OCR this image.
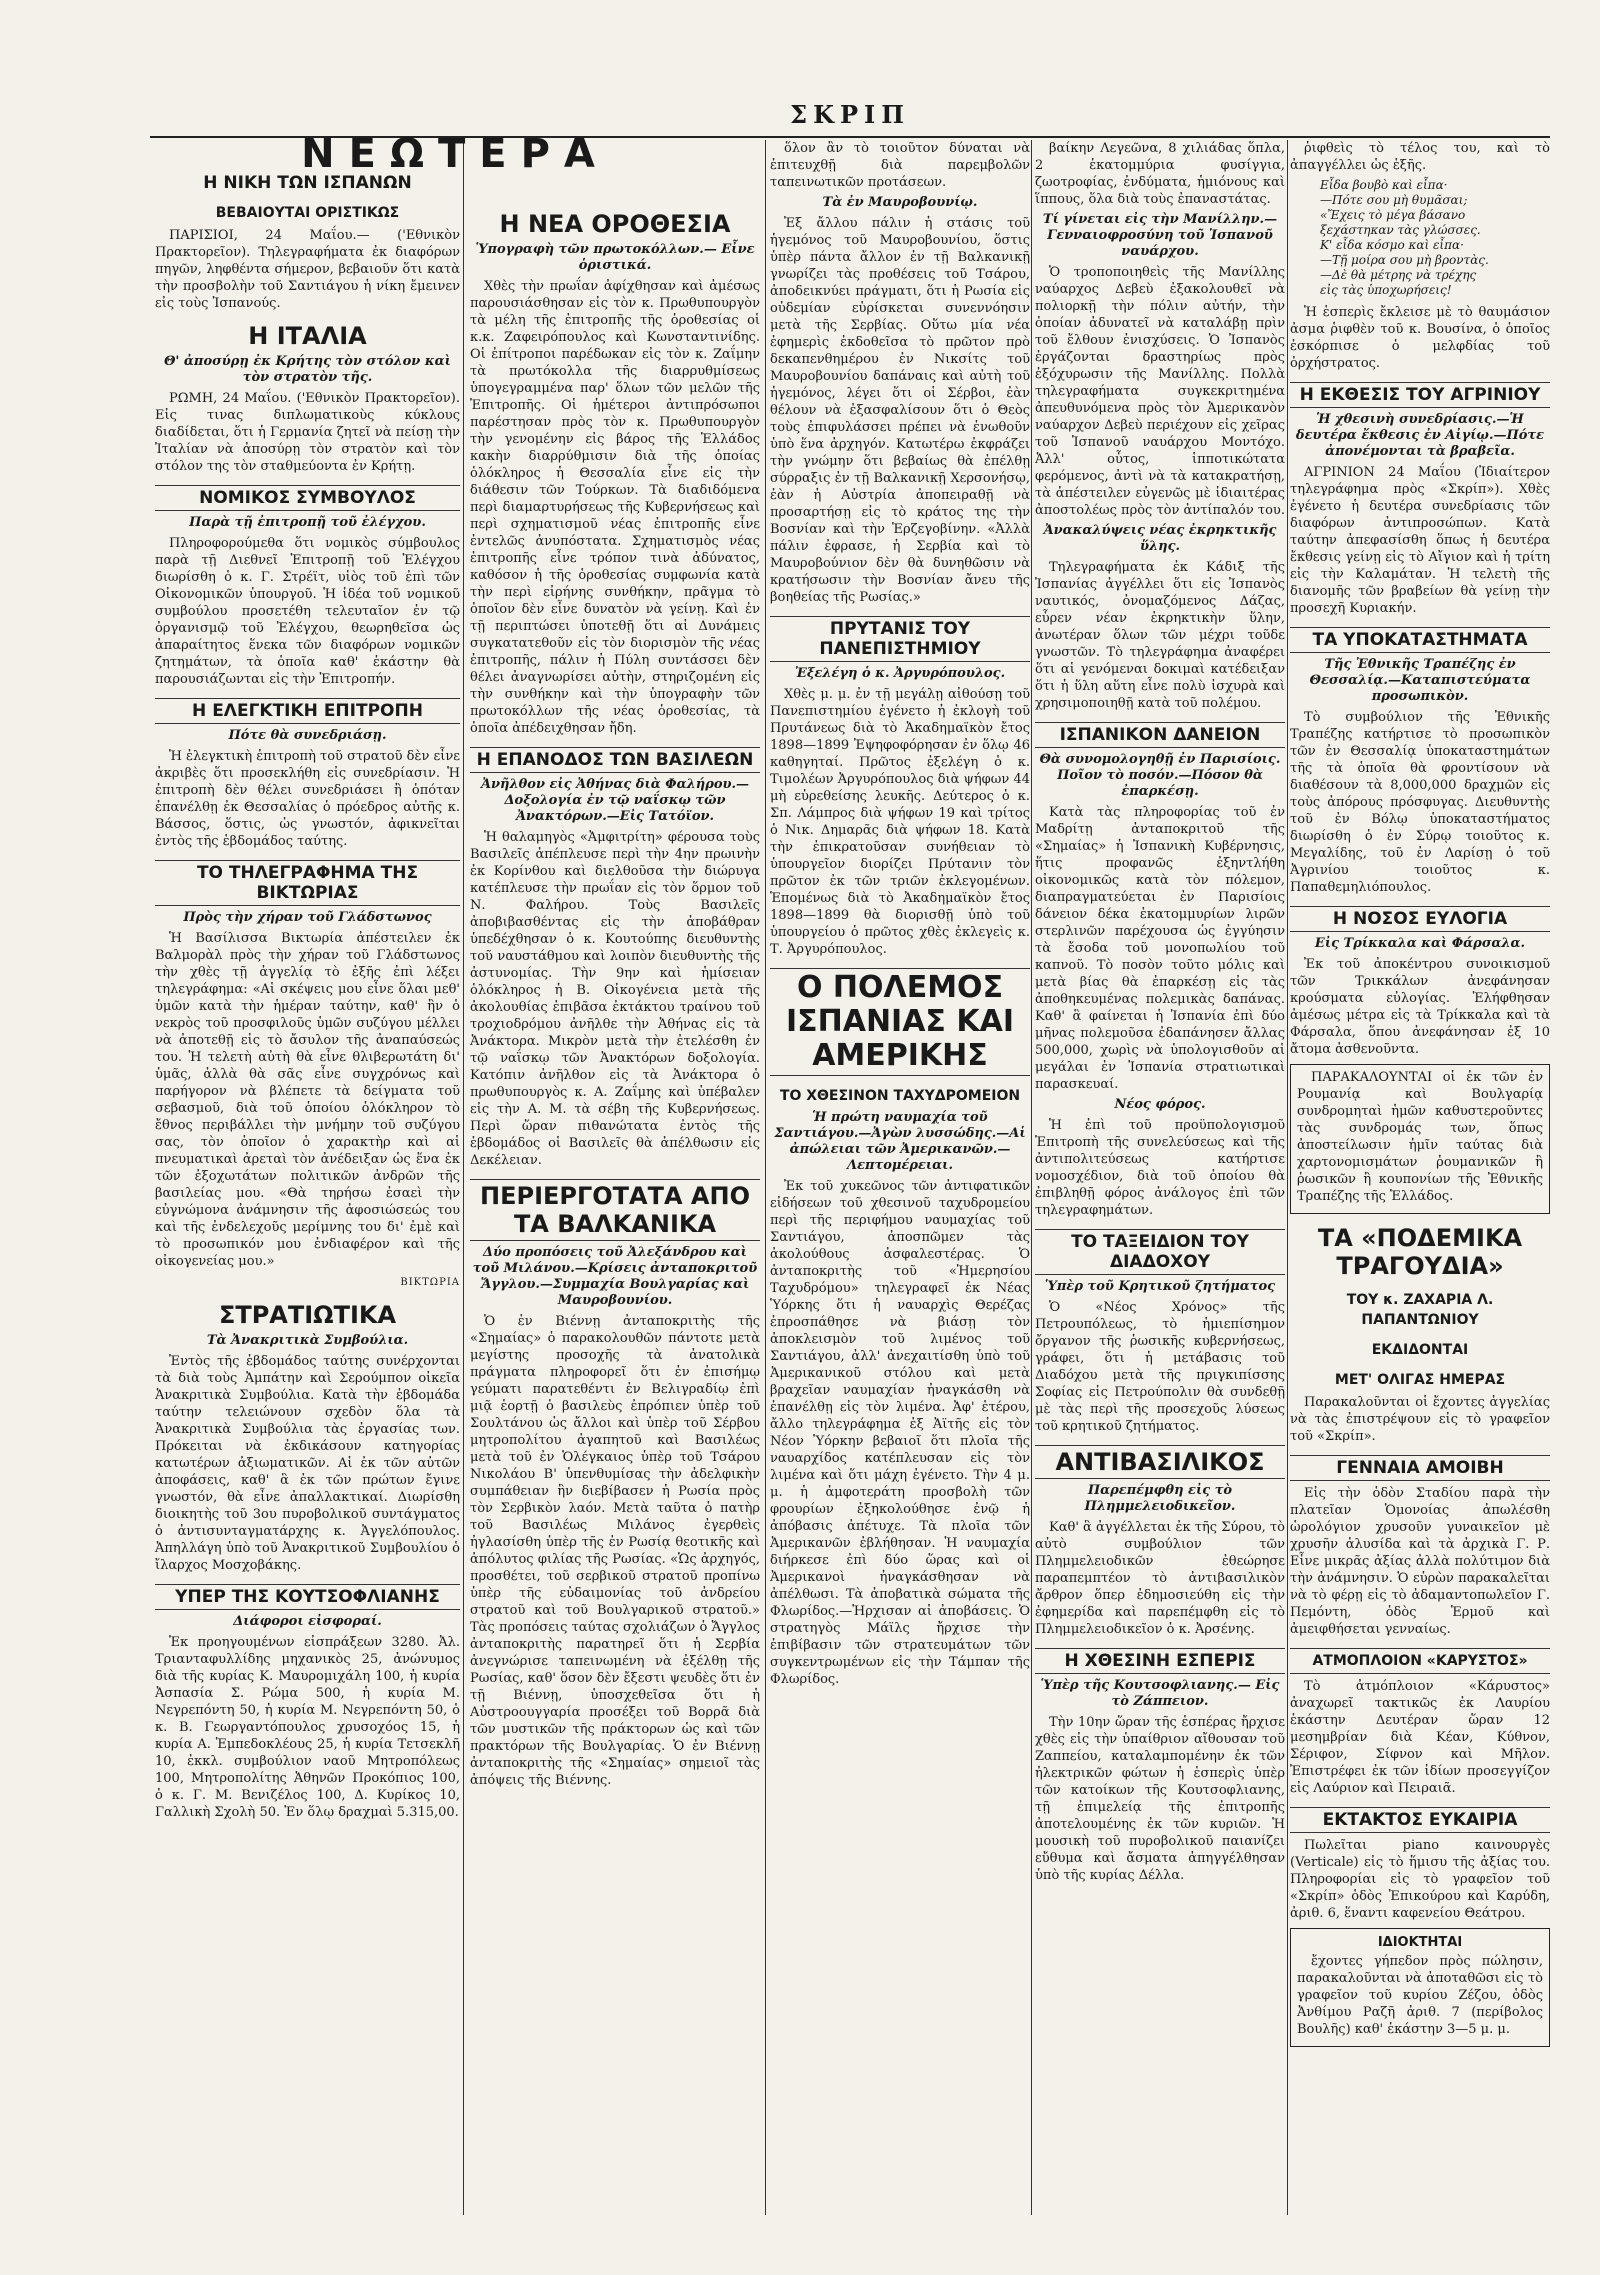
ΣΚΡΙΠ
ΝΕΩΤΕΡΑ
Η ΝΙΚΗ ΤΩΝ ΙΣΠΑΝΩΝ
ΒΕΒΑΙΟΥΤΑΙ ΟΡΙΣΤΙΚΩΣ

ΠΑΡΙΣΙΟΙ, 24 Μαΐου.— ('Εθνικὸν Πρακτορεῖον). Τηλεγραφήματα ἐκ διαφόρων πηγῶν, ληφθέντα σήμερον, βεβαιοῦν ὅτι κατὰ τὴν προσβολὴν τοῦ Σαντιάγου ἡ νίκη ἔμεινεν εἰς τοὺς Ἰσπανούς.

Η ΙΤΑΛΙΑ
Θ' ἀποσύρῃ ἐκ Κρήτης τὸν στόλον καὶ τὸν στρατὸν τῆς.

ΡΩΜΗ, 24 Μαΐου. ('Εθνικὸν Πρακτορεῖον). Εἰς τινας διπλωματικοὺς κύκλους διαδίδεται, ὅτι ἡ Γερμανία ζητεῖ νὰ πείσῃ τὴν Ἰταλίαν νὰ ἀποσύρῃ τὸν στρατὸν καὶ τὸν στόλον της τὸν σταθμεύοντα ἐν Κρήτῃ.

ΝΟΜΙΚΟΣ ΣΥΜΒΟΥΛΟΣ
Παρὰ τῇ ἐπιτροπῇ τοῦ ἐλέγχου.

Πληροφορούμεθα ὅτι νομικὸς σύμβουλος παρὰ τῇ Διεθνεῖ Ἐπιτροπῇ τοῦ Ἐλέγχου διωρίσθη ὁ κ. Γ. Στρέϊτ, υἱὸς τοῦ ἐπὶ τῶν Οἰκονομικῶν ὑπουργοῦ. Ἡ ἰδέα τοῦ νομικοῦ συμβούλου προσετέθη τελευταῖον ἐν τῷ ὀργανισμῷ τοῦ Ἐλέγχου, θεωρηθεῖσα ὡς ἀπαραίτητος ἕνεκα τῶν διαφόρων νομικῶν ζητημάτων, τὰ ὁποῖα καθ' ἑκάστην θὰ παρουσιάζωνται εἰς τὴν Ἐπιτροπήν.

Η ΕΛΕΓΚΤΙΚΗ ΕΠΙΤΡΟΠΗ
Πότε θὰ συνεδριάσῃ.

Ἡ ἐλεγκτικὴ ἐπιτροπὴ τοῦ στρατοῦ δὲν εἶνε ἀκριβὲς ὅτι προσεκλήθη εἰς συνεδρίασιν. Ἡ ἐπιτροπὴ δὲν θέλει συνεδριάσει ἢ ὁπόταν ἐπανέλθῃ ἐκ Θεσσαλίας ὁ πρόεδρος αὐτῆς κ. Βάσσος, ὅστις, ὡς γνωστόν, ἀφικνεῖται ἐντὸς τῆς ἑβδομάδος ταύτης.

ΤΟ ΤΗΛΕΓΡΑΦΗΜΑ ΤΗΣ ΒΙΚΤΩΡΙΑΣ
Πρὸς τὴν χήραν τοῦ Γλάδστωνος

Ἡ Βασίλισσα Βικτωρία ἀπέστειλεν ἐκ Βαλμορὰλ πρὸς τὴν χήραν τοῦ Γλάδστωνος τὴν χθὲς τῇ ἀγγελίᾳ τὸ ἑξῆς ἐπὶ λέξει τηλεγράφημα: «Αἱ σκέψεις μου εἶνε ὅλαι μεθ' ὑμῶν κατὰ τὴν ἡμέραν ταύτην, καθ' ἣν ὁ νεκρὸς τοῦ προσφιλοῦς ὑμῶν συζύγου μέλλει νὰ ἀποτεθῇ εἰς τὸ ἄσυλον τῆς ἀναπαύσεώς του. Ἡ τελετὴ αὐτὴ θὰ εἶνε θλιβερωτάτη δι' ὑμᾶς, ἀλλὰ θὰ σᾶς εἶνε συγχρόνως καὶ παρήγορον νὰ βλέπετε τὰ δείγματα τοῦ σεβασμοῦ, διὰ τοῦ ὁποίου ὁλόκληρον τὸ ἔθνος περιβάλλει τὴν μνήμην τοῦ συζύγου σας, τὸν ὁποῖον ὁ χαρακτὴρ καὶ αἱ πνευματικαὶ ἀρεταὶ τὸν ἀνέδειξαν ὡς ἕνα ἐκ τῶν ἐξοχωτάτων πολιτικῶν ἀνδρῶν τῆς βασιλείας μου. «Θὰ τηρήσω ἐσαεὶ τὴν εὐγνώμονα ἀνάμνησιν τῆς ἀφοσιώσεώς του καὶ τῆς ἐνδελεχοῦς μερίμνης του δι' ἐμὲ καὶ τὸ προσωπικόν μου ἐνδιαφέρον καὶ τῆς οἰκογενείας μου.»

ΒΙΚΤΩΡΙΑ
ΣΤΡΑΤΙΩΤΙΚΑ
Τὰ Ἀνακριτικὰ Συμβούλια.

Ἐντὸς τῆς ἑβδομάδος ταύτης συνέρχονται τὰ διὰ τοὺς Ἀμπάτην καὶ Σερούμπον οἰκεῖα Ἀνακριτικὰ Συμβούλια. Κατὰ τὴν ἑβδομάδα ταύτην τελειώνουν σχεδὸν ὅλα τὰ Ἀνακριτικὰ Συμβούλια τὰς ἐργασίας των. Πρόκειται νὰ ἐκδικάσουν κατηγορίας κατωτέρων ἀξιωματικῶν. Αἱ ἐκ τῶν αὐτῶν ἀποφάσεις, καθ' ἃ ἐκ τῶν πρώτων ἔγινε γνωστόν, θὰ εἶνε ἀπαλλακτικαί. Διωρίσθη διοικητὴς τοῦ 3ου πυροβολικοῦ συντάγματος ὁ ἀντισυνταγματάρχης κ. Ἀγγελόπουλος. Ἀπηλλάγη ὑπὸ τοῦ Ἀνακριτικοῦ Συμβουλίου ὁ ἴλαρχος Μοσχοβάκης.

ΥΠΕΡ ΤΗΣ ΚΟΥΤΣΟΦΛΙΑΝΗΣ
Διάφοροι εἰσφοραί.

Ἐκ προηγουμένων εἰσπράξεων 3280. Ἀλ. Τριανταφυλλίδης μηχανικὸς 25, ἀνώνυμος διὰ τῆς κυρίας Κ. Μαυρομιχάλη 100, ἡ κυρία Ἀσπασία Σ. Ρώμα 500, ἡ κυρία Μ. Νεγρεπόντη 50, ἡ κυρία Μ. Νεγρεπόντη 50, ὁ κ. Β. Γεωργαντόπουλος χρυσοχόος 15, ἡ κυρία Α. Ἐμπεδοκλέους 25, ἡ κυρία Τετσεκλῆ 10, ἐκκλ. συμβούλιον ναοῦ Μητροπόλεως 100, Μητροπολίτης Ἀθηνῶν Προκόπιος 100, ὁ κ. Γ. Μ. Βενιζέλος 100, Δ. Κυρίκος 10, Γαλλικὴ Σχολὴ 50. Ἐν ὅλῳ δραχμαὶ 5.315,00.

Η ΝΕΑ ΟΡΟΘΕΣΙΑ
Ὑπογραφὴ τῶν πρωτοκόλλων.— Εἶνε ὁριστικά.

Χθὲς τὴν πρωΐαν ἀφίχθησαν καὶ ἀμέσως παρουσιάσθησαν εἰς τὸν κ. Πρωθυπουργὸν τὰ μέλη τῆς ἐπιτροπῆς τῆς ὁροθεσίας οἱ κ.κ. Ζαφειρόπουλος καὶ Κωνσταντινίδης. Οἱ ἐπίτροποι παρέδωκαν εἰς τὸν κ. Ζαΐμην τὰ πρωτόκολλα τῆς διαρρυθμίσεως ὑπογεγραμμένα παρ' ὅλων τῶν μελῶν τῆς Ἐπιτροπῆς. Οἱ ἡμέτεροι ἀντιπρόσωποι παρέστησαν πρὸς τὸν κ. Πρωθυπουργὸν τὴν γενομένην εἰς βάρος τῆς Ἑλλάδος κακὴν διαρρύθμισιν διὰ τῆς ὁποίας ὁλόκληρος ἡ Θεσσαλία εἶνε εἰς τὴν διάθεσιν τῶν Τούρκων. Τὰ διαδιδόμενα περὶ διαμαρτυρήσεως τῆς Κυβερνήσεως καὶ περὶ σχηματισμοῦ νέας ἐπιτροπῆς εἶνε ἐντελῶς ἀνυπόστατα. Σχηματισμὸς νέας ἐπιτροπῆς εἶνε τρόπον τινὰ ἀδύνατος, καθόσον ἡ τῆς ὁροθεσίας συμφωνία κατὰ τὴν περὶ εἰρήνης συνθήκην, πρᾶγμα τὸ ὁποῖον δὲν εἶνε δυνατὸν νὰ γείνῃ. Καὶ ἐν τῇ περιπτώσει ὑποτεθῇ ὅτι αἱ Δυνάμεις συγκατατεθοῦν εἰς τὸν διορισμὸν τῆς νέας ἐπιτροπῆς, πάλιν ἡ Πύλη συντάσσει δὲν θέλει ἀναγνωρίσει αὐτὴν, στηριζομένη εἰς τὴν συνθήκην καὶ τὴν ὑπογραφὴν τῶν πρωτοκόλλων τῆς νέας ὁροθεσίας, τὰ ὁποῖα ἀπέδειχθησαν ἤδη.

Η ΕΠΑΝΟΔΟΣ ΤΩΝ ΒΑΣΙΛΕΩΝ
Ἀνῆλθον εἰς Ἀθήνας διὰ Φαλήρου.—Δοξολογία ἐν τῷ ναΐσκῳ τῶν Ἀνακτόρων.—Εἰς Τατόϊον.

Ἡ θαλαμηγὸς «Ἀμφιτρίτη» φέρουσα τοὺς Βασιλεῖς ἀπέπλευσε περὶ τὴν 4ην πρωινὴν ἐκ Κορίνθου καὶ διελθοῦσα τὴν διώρυγα κατέπλευσε τὴν πρωΐαν εἰς τὸν ὅρμον τοῦ Ν. Φαλήρου. Τοὺς Βασιλεῖς ἀποβιβασθέντας εἰς τὴν ἀποβάθραν ὑπεδέχθησαν ὁ κ. Κουτούπης διευθυντὴς τοῦ ναυστάθμου καὶ λοιπὸν διευθυντὴς τῆς ἀστυνομίας. Τὴν 9ην καὶ ἡμίσειαν ὁλόκληρος ἡ Β. Οἰκογένεια μετὰ τῆς ἀκολουθίας ἐπιβᾶσα ἐκτάκτου τραίνου τοῦ τροχιοδρόμου ἀνῆλθε τὴν Ἀθήνας εἰς τὰ Ἀνάκτορα. Μικρὸν μετὰ τὴν ἐτελέσθη ἐν τῷ ναΐσκῳ τῶν Ἀνακτόρων δοξολογία. Κατόπιν ἀνῆλθον εἰς τὰ Ἀνάκτορα ὁ πρωθυπουργὸς κ. Α. Ζαΐμης καὶ ὑπέβαλεν εἰς τὴν Α. Μ. τὰ σέβη τῆς Κυβερνήσεως. Περὶ ὥραν πιθανώτατα ἐντὸς τῆς ἑβδομάδος οἱ Βασιλεῖς θὰ ἀπέλθωσιν εἰς Δεκέλειαν.

ΠΕΡΙΕΡΓΟΤΑΤΑ ΑΠΟ ΤΑ ΒΑΛΚΑΝΙΚΑ
Δύο προπόσεις τοῦ Ἀλεξάνδρου καὶ τοῦ Μιλάνου.—Κρίσεις ἀνταποκριτοῦ Ἄγγλου.—Συμμαχία Βουλγαρίας καὶ Μαυροβουνίου.

Ὁ ἐν Βιέννῃ ἀνταποκριτὴς τῆς «Σημαίας» ὁ παρακολουθῶν πάντοτε μετὰ μεγίστης προσοχῆς τὰ ἀνατολικὰ πράγματα πληροφορεῖ ὅτι ἐν ἐπισήμῳ γεύματι παρατεθέντι ἐν Βελιγραδίῳ ἐπὶ μιᾷ ἑορτῇ ὁ βασιλεὺς ἐπρόπιεν ὑπὲρ τοῦ Σουλτάνου ὡς ἄλλοι καὶ ὑπὲρ τοῦ Σέρβου μητροπολίτου ἀγαπητοῦ καὶ Βασιλέως μετὰ τοῦ ἐν Ὁλέγκαιος ὑπὲρ τοῦ Τσάρου Νικολάου Β' ὑπενθυμίσας τὴν ἀδελφικὴν συμπάθειαν ἣν διεβίβασεν ἡ Ρωσία πρὸς τὸν Σερβικὸν λαόν. Μετὰ ταῦτα ὁ πατὴρ τοῦ Βασιλέως Μιλάνος ἐγερθεὶς ἠγλασίσθη ὑπὲρ τῆς ἐν Ρωσίᾳ θεοτικῆς καὶ ἀπόλυτος φιλίας τῆς Ρωσίας. «Ὡς ἀρχηγός, προσθέτει, τοῦ σερβικοῦ στρατοῦ προπίνω ὑπὲρ τῆς εὐδαιμονίας τοῦ ἀνδρείου στρατοῦ καὶ τοῦ Βουλγαρικοῦ στρατοῦ.» Τὰς προπόσεις ταύτας σχολιάζων ὁ Ἄγγλος ἀνταποκριτὴς παρατηρεῖ ὅτι ἡ Σερβία ἀνεγνώρισε ταπεινωμένη νὰ ἐξέλθῃ τῆς Ρωσίας, καθ' ὅσον δὲν ἔξεστι ψευδὲς ὅτι ἐν τῇ Βιέννῃ, ὑποσχεθεῖσα ὅτι ἡ Αὐστροουγγαρία προσέξει τοῦ Βορρᾶ διὰ τῶν μυστικῶν τῆς πράκτορων ὡς καὶ τῶν πρακτόρων τῆς Βουλγαρίας. Ὁ ἐν Βιέννῃ ἀνταποκριτὴς τῆς «Σημαίας» σημειοῖ τὰς ἀπόψεις τῆς Βιέννης.

ὅλον ἂν τὸ τοιοῦτον δύναται νὰ ἐπιτευχθῇ διὰ παρεμβολῶν ταπεινωτικῶν προτάσεων.

Τὰ ἐν Μαυροβουνίῳ.

Ἐξ ἄλλου πάλιν ἡ στάσις τοῦ ἡγεμόνος τοῦ Μαυροβουνίου, ὅστις ὑπὲρ πάντα ἄλλον ἐν τῇ Βαλκανικῇ γνωρίζει τὰς προθέσεις τοῦ Τσάρου, ἀποδεικνύει πράγματι, ὅτι ἡ Ρωσία εἰς οὐδεμίαν εὑρίσκεται συνεννόησιν μετὰ τῆς Σερβίας. Οὕτω μία νέα ἐφημερὶς ἐκδοθεῖσα τὸ πρῶτον πρὸ δεκαπενθημέρου ἐν Νικσίτς τοῦ Μαυροβουνίου δαπάναις καὶ αὐτὴ τοῦ ἡγεμόνος, λέγει ὅτι οἱ Σέρβοι, ἐὰν θέλουν νὰ ἐξασφαλίσουν ὅτι ὁ Θεὸς τοὺς ἐπιφυλάσσει πρέπει νὰ ἑνωθοῦν ὑπὸ ἕνα ἀρχηγόν. Κατωτέρω ἐκφράζει τὴν γνώμην ὅτι βεβαίως θὰ ἐπέλθῃ σύρραξις ἐν τῇ Βαλκανικῇ Χερσονήσῳ, ἐὰν ἡ Αὐστρία ἀποπειραθῇ νὰ προσαρτήσῃ εἰς τὸ κράτος της τὴν Βοσνίαν καὶ τὴν Ἑρζεγοβίνην. «Ἀλλὰ πάλιν ἐφρασε, ἡ Σερβία καὶ τὸ Μαυροβούνιον δὲν θὰ δυνηθῶσιν νὰ κρατήσωσιν τὴν Βοσνίαν ἄνευ τῆς βοηθείας τῆς Ρωσίας.»

ΠΡΥΤΑΝΙΣ ΤΟΥ ΠΑΝΕΠΙΣΤΗΜΙΟΥ
Ἐξελέγη ὁ κ. Ἀργυρόπουλος.

Χθὲς μ. μ. ἐν τῇ μεγάλῃ αἰθούσῃ τοῦ Πανεπιστημίου ἐγένετο ἡ ἐκλογὴ τοῦ Πρυτάνεως διὰ τὸ Ἀκαδημαϊκὸν ἔτος 1898—1899 Ἐψηφοφόρησαν ἐν ὅλῳ 46 καθηγηταί. Πρῶτος ἐξελέγη ὁ κ. Τιμολέων Ἀργυρόπουλος διὰ ψήφων 44 μὴ εὑρεθείσης λευκῆς. Δεύτερος ὁ κ. Σπ. Λάμπρος διὰ ψήφων 19 καὶ τρίτος ὁ Νικ. Δημαρᾶς διὰ ψήφων 18. Κατὰ τὴν ἐπικρατοῦσαν συνήθειαν τὸ ὑπουργεῖον διορίζει Πρύτανιν τὸν πρῶτον ἐκ τῶν τριῶν ἐκλεγομένων. Ἑπομένως διὰ τὸ Ἀκαδημαϊκὸν ἔτος 1898—1899 θὰ διορισθῇ ὑπὸ τοῦ ὑπουργείου ὁ πρῶτος χθὲς ἐκλεγεὶς κ. Τ. Ἀργυρόπουλος.

Ο ΠΟΛΕΜΟΣ ΙΣΠΑΝΙΑΣ ΚΑΙ ΑΜΕΡΙΚΗΣ
ΤΟ ΧΘΕΣΙΝΟΝ ΤΑΧΥΔΡΟΜΕΙΟΝ
Ἡ πρώτη ναυμαχία τοῦ Σαντιάγου.—Ἀγὼν λυσσώδης.—Αἱ ἀπώλειαι τῶν Ἀμερικανῶν.—Λεπτομέρειαι.

Ἐκ τοῦ χυκεῶνος τῶν ἀντιφατικῶν εἰδήσεων τοῦ χθεσινοῦ ταχυδρομείου περὶ τῆς περιφήμου ναυμαχίας τοῦ Σαντιάγου, ἀποσπῶμεν τὰς ἀκολούθους ἀσφαλεστέρας. Ὁ ἀνταποκριτὴς τοῦ «Ἡμερησίου Ταχυδρόμου» τηλεγραφεῖ ἐκ Νέας Ὑόρκης ὅτι ἡ ναυαρχὶς Θερέζας ἐπροσπάθησε νὰ βιάσῃ τὸν ἀποκλεισμὸν τοῦ λιμένος τοῦ Σαντιάγου, ἀλλ' ἀνεχαιτίσθη ὑπὸ τοῦ Ἀμερικανικοῦ στόλου καὶ μετὰ βραχεῖαν ναυμαχίαν ἠναγκάσθη νὰ ἐπανέλθῃ εἰς τὸν λιμένα. Ἀφ' ἑτέρου, ἄλλο τηλεγράφημα ἐξ Ἀϊτῆς εἰς τὸν Νέον Ὑόρκην βεβαιοῖ ὅτι πλοῖα τῆς ναυαρχίδος κατέπλευσαν εἰς τὸν λιμένα καὶ ὅτι μάχη ἐγένετο. Τὴν 4 μ. μ. ἡ ἀμφοτεράτη προσβολὴ τῶν φρουρίων ἐξηκολούθησε ἐνῷ ἡ ἀπόβασις ἀπέτυχε. Τὰ πλοῖα τῶν Ἀμερικανῶν ἐβλήθησαν. Ἡ ναυμαχία διήρκεσε ἐπὶ δύο ὥρας καὶ οἱ Ἀμερικανοὶ ἠναγκάσθησαν νὰ ἀπέλθωσι. Τὰ ἀποβατικὰ σώματα τῆς Φλωρίδος.—Ἡρχισαν αἱ ἀποβάσεις. Ὁ στρατηγὸς Μάϊλς ἤρχισε τὴν ἐπιβίβασιν τῶν στρατευμάτων τῶν συγκεντρωμένων εἰς τὴν Τάμπαν τῆς Φλωρίδος.

βαίκην Λεγεῶνα, 8 χιλιάδας ὅπλα, 2 ἑκατομμύρια φυσίγγια, ζωοτροφίας, ἐνδύματα, ἡμιόνους καὶ ἵππους, ὅλα διὰ τοὺς ἐπαναστάτας.

Τί γίνεται εἰς τὴν Μανίλλην.— Γενναιοφροσύνη τοῦ Ἰσπανοῦ ναυάρχου.

Ὁ τροποποιηθεὶς τῆς Μανίλλης ναύαρχος Δεβεὺ ἐξακολουθεῖ νὰ πολιορκῇ τὴν πόλιν αὐτήν, τὴν ὁποίαν ἀδυνατεῖ νὰ καταλάβῃ πρὶν τοῦ ἔλθουν ἐνισχύσεις. Ὁ Ἰσπανὸς ἐργάζονται δραστηρίως πρὸς ἐξόχυρωσιν τῆς Μανίλλης. Πολλὰ τηλεγραφήματα συγκεκριτημένα ἀπευθυνόμενα πρὸς τὸν Ἀμερικανὸν ναύαρχον Δεβεὺ περιέχουν εἰς χεῖρας τοῦ Ἰσπανοῦ ναυάρχου Μοντόχο. Ἀλλ' οὗτος, ἱπποτικώτατα φερόμενος, ἀντὶ νὰ τὰ κατακρατήσῃ, τὰ ἀπέστειλεν εὐγενῶς μὲ ἰδιαιτέρας ἀποστολέως πρὸς τὸν ἀντίπαλόν του.

Ἀνακαλύψεις νέας ἐκρηκτικῆς ὕλης.

Τηλεγραφήματα ἐκ Κάδιξ τῆς Ἰσπανίας ἀγγέλλει ὅτι εἰς Ἰσπανὸς ναυτικός, ὀνομαζόμενος Δάζας, εὗρεν νέαν ἐκρηκτικὴν ὕλην, ἀνωτέραν ὅλων τῶν μέχρι τοῦδε γνωστῶν. Τὸ τηλεγράφημα ἀναφέρει ὅτι αἱ γενόμεναι δοκιμαὶ κατέδειξαν ὅτι ἡ ὕλη αὕτη εἶνε πολὺ ἰσχυρὰ καὶ χρησιμοποιηθῇ κατὰ τοῦ πολέμου.

ΙΣΠΑΝΙΚΟΝ ΔΑΝΕΙΟΝ
Θὰ συνομολογηθῇ ἐν Παρισίοις. Ποῖον τὸ ποσόν.—Πόσον θὰ ἐπαρκέσῃ.

Κατὰ τὰς πληροφορίας τοῦ ἐν Μαδρίτῃ ἀνταποκριτοῦ τῆς «Σημαίας» ἡ Ἰσπανικὴ Κυβέρνησις, ἥτις προφανῶς ἐξηντλήθη οἰκονομικῶς κατὰ τὸν πόλεμον, διαπραγματεύεται ἐν Παρισίοις δάνειον δέκα ἑκατομμυρίων λιρῶν στερλινῶν παρέχουσα ὡς ἐγγύησιν τὰ ἔσοδα τοῦ μονοπωλίου τοῦ καπνοῦ. Τὸ ποσὸν τοῦτο μόλις καὶ μετὰ βίας θὰ ἐπαρκέσῃ εἰς τὰς ἀποθηκευμένας πολεμικὰς δαπάνας. Καθ' ἃ φαίνεται ἡ Ἰσπανία ἐπὶ δύο μῆνας πολεμοῦσα ἐδαπάνησεν ἄλλας 500,000, χωρὶς νὰ ὑπολογισθοῦν αἱ μεγάλαι ἐν Ἰσπανία στρατιωτικαὶ παρασκευαί.

Νέος φόρος.

Ἡ ἐπὶ τοῦ προϋπολογισμοῦ Ἐπιτροπὴ τῆς συνελεύσεως καὶ τῆς ἀντιπολιτεύσεως κατήρτισε νομοσχέδιον, διὰ τοῦ ὁποίου θὰ ἐπιβληθῇ φόρος ἀνάλογος ἐπὶ τῶν τηλεγραφημάτων.

ΤΟ ΤΑΞΕΙΔΙΟΝ ΤΟΥ ΔΙΑΔΟΧΟΥ
Ὑπὲρ τοῦ Κρητικοῦ ζητήματος

Ὁ «Νέος Χρόνος» τῆς Πετρουπόλεως, τὸ ἡμιεπίσημον ὄργανον τῆς ῥωσικῆς κυβερνήσεως, γράφει, ὅτι ἡ μετάβασις τοῦ Διαδόχου μετὰ τῆς πριγκιπίσσης Σοφίας εἰς Πετρούπολιν θὰ συνδεθῇ μὲ τὰς περὶ τῆς προσεχοῦς λύσεως τοῦ κρητικοῦ ζητήματος.

ΑΝΤΙΒΑΣΙΛΙΚΟΣ
Παρεπέμφθη εἰς τὸ Πλημμελειοδικεῖον.

Καθ' ἃ ἀγγέλλεται ἐκ τῆς Σύρου, τὸ αὐτὸ συμβούλιον τῶν Πλημμελειοδικῶν ἐθεώρησε παραπεμπτέον τὸ ἀντιβασιλικὸν ἄρθρον ὅπερ ἐδημοσιεύθη εἰς τὴν ἐφημερίδα καὶ παρεπέμφθη εἰς τὸ Πλημμελειοδικεῖον ὁ κ. Ἀρσένης.

Η ΧΘΕΣΙΝΗ ΕΣΠΕΡΙΣ
Ὑπὲρ τῆς Κουτσοφλιανης.— Εἰς τὸ Ζάππειον.

Τὴν 10ην ὥραν τῆς ἑσπέρας ἤρχισε χθὲς εἰς τὴν ὑπαίθριον αἴθουσαν τοῦ Ζαππείου, καταλαμπομένην ἐκ τῶν ἠλεκτρικῶν φώτων ἡ ἑσπερὶς ὑπὲρ τῶν κατοίκων τῆς Κουτσοφλιανης, τῇ ἐπιμελείᾳ τῆς ἐπιτροπῆς ἀποτελουμένης ἐκ τῶν κυριῶν. Ἡ μουσικὴ τοῦ πυροβολικοῦ παιανίζει εὔθυμα καὶ ἄσματα ἀπηγγέλθησαν ὑπὸ τῆς κυρίας Δέλλα.

ῥιφθεὶς τὸ τέλος του, καὶ τὸ ἀπαγγέλλει ὡς ἑξῆς.

Εἶδα βουβὸ καὶ εἶπα·
—Πότε σου μὴ θυμᾶσαι;
«Ἔχεις τὸ μέγα βάσανο
ξεχάστηκαν τὰς γλώσσες.
Κ' εἶδα κόσμο καὶ εἶπα·
—Τῇ μοίρα σου μὴ βροντὰς.
—Δὲ θὰ μέτρης νὰ τρέχης
εἰς τὰς ὑποχωρήσεις!

Ἡ ἑσπερὶς ἔκλεισε μὲ τὸ θαυμάσιον ἀσμα ῥιφθὲν τοῦ κ. Βουσίνα, ὁ ὁποῖος ἐσκόρπισε ὁ μελφδίας τοῦ ὀρχήστρατος.

Η ΕΚΘΕΣΙΣ ΤΟΥ ΑΓΡΙΝΙΟΥ
Ἡ χθεσινὴ συνεδρίασις.—Ἡ δευτέρα ἔκθεσις ἐν Αἰγίῳ.—Πότε ἀπονέμονται τὰ βραβεῖα.

ΑΓΡΙΝΙΟΝ 24 Μαΐου (Ἰδιαίτερον τηλεγράφημα πρὸς «Σκρίπ»). Χθὲς ἐγένετο ἡ δευτέρα συνεδρίασις τῶν διαφόρων ἀντιπροσώπων. Κατὰ ταύτην ἀπεφασίσθη ὅπως ἡ δευτέρα ἔκθεσις γείνῃ εἰς τὸ Αἴγιον καὶ ἡ τρίτη εἰς τὴν Καλαμάταν. Ἡ τελετὴ τῆς διανομῆς τῶν βραβείων θὰ γείνῃ τὴν προσεχῆ Κυριακήν.

ΤΑ ΥΠΟΚΑΤΑΣΤΗΜΑΤΑ
Τῆς Ἐθνικῆς Τραπέζης ἐν Θεσσαλίᾳ.—Καταπιστεύματα προσωπικὸν.

Τὸ συμβούλιον τῆς Ἐθνικῆς Τραπέζης κατήρτισε τὸ προσωπικὸν τῶν ἐν Θεσσαλίᾳ ὑποκαταστημάτων τῆς τὰ ὁποῖα θὰ φροντίσουν νὰ διαθέσουν τὰ 8,000,000 δραχμῶν εἰς τοὺς ἀπόρους πρόσφυγας. Διευθυντὴς τοῦ ἐν Βόλῳ ὑποκαταστήματος διωρίσθη ὁ ἐν Σύρῳ τοιοῦτος κ. Μεγαλίδης, τοῦ ἐν Λαρίσῃ ὁ τοῦ Ἀγρινίου τοιοῦτος κ. Παπαθεμηλιόπουλος.

Η ΝΟΣΟΣ ΕΥΛΟΓΙΑ
Εἰς Τρίκκαλα καὶ Φάρσαλα.

Ἐκ τοῦ ἀποκέντρου συνοικισμοῦ τῶν Τρικκάλων ἀνεφάνησαν κρούσματα εὐλογίας. Ἐλήφθησαν ἀμέσως μέτρα εἰς τὰ Τρίκκαλα καὶ τὰ Φάρσαλα, ὅπου ἀνεφάνησαν ἐξ 10 ἄτομα ἀσθενοῦντα.

ΠΑΡΑΚΑΛΟΥΝΤΑΙ οἱ ἐκ τῶν ἐν Ρουμανίᾳ καὶ Βουλγαρίᾳ συνδρομηταὶ ἡμῶν καθυστεροῦντες τὰς συνδρομάς των, ὅπως ἀποστείλωσιν ἡμῖν ταύτας διὰ χαρτονομισμάτων ῥουμανικῶν ἢ ῥωσικῶν ἢ κουπονίων τῆς Ἐθνικῆς Τραπέζης τῆς Ἑλλάδος.

ΤΑ «ΠΟΔΕΜΙΚΑ ΤΡΑΓΟΥΔΙΑ»
ΤΟΥ κ. ΖΑΧΑΡΙΑ Λ. ΠΑΠΑΝΤΩΝΙΟΥ
ΕΚΔΙΔΟΝΤΑΙ
ΜΕΤ' ΟΛΙΓΑΣ ΗΜΕΡΑΣ

Παρακαλοῦνται οἱ ἔχοντες ἀγγελίας νὰ τὰς ἐπιστρέψουν εἰς τὸ γραφεῖον τοῦ «Σκρίπ».

ΓΕΝΝΑΙΑ ΑΜΟΙΒΗ

Εἰς τὴν ὁδὸν Σταδίου παρὰ τὴν πλατεῖαν Ὁμονοίας ἀπωλέσθη ὡρολόγιον χρυσοῦν γυναικεῖον μὲ χρυσῆν ἁλυσίδα καὶ τὰ ἀρχικὰ Γ. Ρ. Εἶνε μικρᾶς ἀξίας ἀλλὰ πολύτιμον διὰ τὴν ἀνάμνησιν. Ὁ εὑρὼν παρακαλεῖται νὰ τὸ φέρῃ εἰς τὸ ἀδαμαντοπωλεῖον Γ. Πεμόντη, ὁδὸς Ἑρμοῦ καὶ ἀμειφθήσεται γενναίως.

ΑΤΜΟΠΛΟΙΟΝ «ΚΑΡΥΣΤΟΣ»

Τὸ ἀτμόπλοιον «Κάρυστος» ἀναχωρεῖ τακτικῶς ἐκ Λαυρίου ἑκάστην Δευτέραν ὥραν 12 μεσημβρίαν διὰ Κέαν, Κύθνον, Σέριφον, Σίφνον καὶ Μῆλον. Ἐπιστρέφει ἐκ τῶν ἰδίων προσεγγίζον εἰς Λαύριον καὶ Πειραιᾶ.

ΕΚΤΑΚΤΟΣ ΕΥΚΑΙΡΙΑ

Πωλεῖται piano καινουργὲς (Verticale) εἰς τὸ ἥμισυ τῆς ἀξίας του. Πληροφορίαι εἰς τὸ γραφεῖον τοῦ «Σκρίπ» ὁδὸς Ἐπικούρου καὶ Καρύδη, ἀριθ. 6, ἕναντι καφενείου Θεάτρου.

ΙΔΙΟΚΤΗΤΑΙ

ἔχοντες γήπεδον πρὸς πώλησιν, παρακαλοῦνται νὰ ἀποταθῶσι εἰς τὸ γραφεῖον τοῦ κυρίου Ζέζου, ὁδὸς Ἀνθίμου Ραζῆ ἀριθ. 7 (περίβολος Βουλῆς) καθ' ἑκάστην 3—5 μ. μ.
